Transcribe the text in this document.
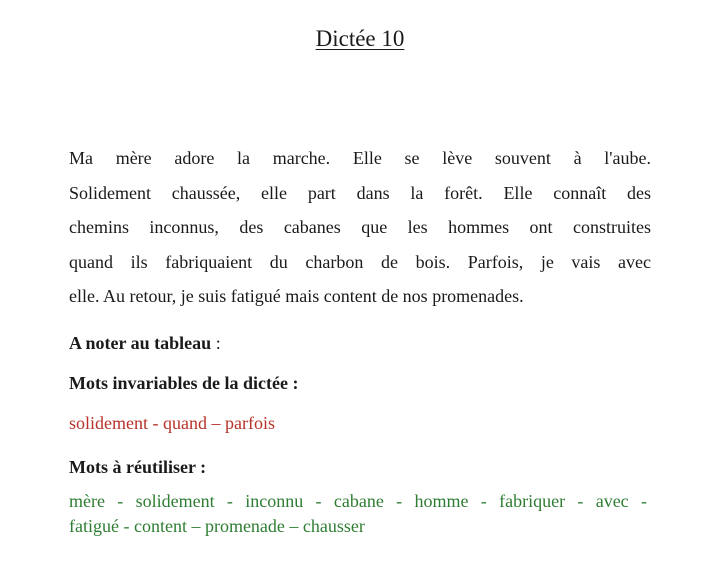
Dictée 10
Ma mère adore la marche. Elle se lève souvent à l'aube.
Solidement chaussée, elle part dans la forêt. Elle connaît des
chemins inconnus, des cabanes que les hommes ont construites
quand ils fabriquaient du charbon de bois. Parfois, je vais avec
elle. Au retour, je suis fatigué mais content de nos promenades.
A noter au tableau :
Mots invariables de la dictée :
solidement - quand – parfois
Mots à réutiliser :
mère - solidement - inconnu - cabane - homme - fabriquer - avec -
fatigué - content – promenade – chausser
